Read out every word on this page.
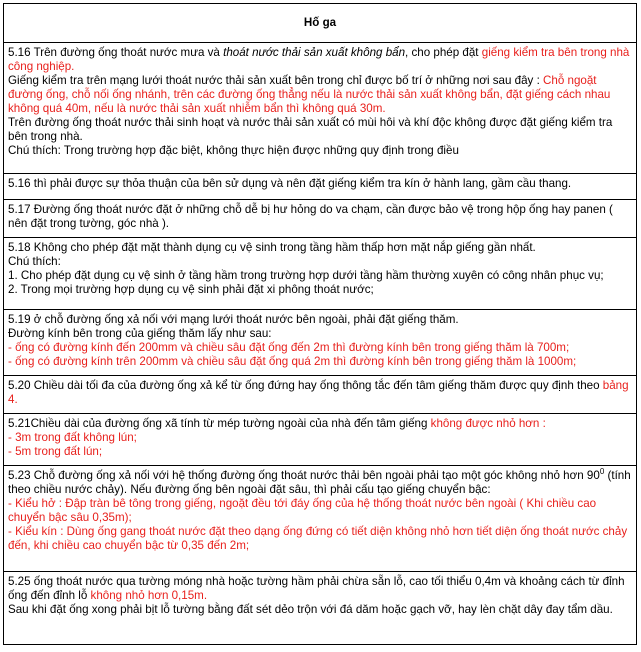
Hố ga

5.16 Trên đường ống thoát nước mưa và thoát nước thải sản xuất không bẩn, cho phép đặt giếng kiểm tra bên trong nhà công nghiệp.

Giếng kiểm tra trên mạng lưới thoát nước thải sản xuất bên trong chỉ được bố trí ở những nơi sau đây : Chỗ ngoặt đường ống, chỗ nối ống nhánh, trên các đường ống thẳng nếu là nước thải sản xuất không bẩn, đặt giếng cách nhau không quá 40m, nếu là nước thải sản xuất nhiễm bẩn thì không quá 30m.

Trên đường ống thoát nước thải sinh hoạt và nước thải sản xuất có mùi hôi và khí độc không được đặt giếng kiểm tra bên trong nhà.

Chú thích: Trong trường hợp đặc biệt, không thực hiện được những quy định trong điều

5.16 thì phải được sự thỏa thuận của bên sử dụng và nên đặt giếng kiểm tra kín ở hành lang, gầm cầu thang.

5.17 Đường ống thoát nước đặt ở những chỗ dễ bị hư hỏng do va chạm, cần được bảo vệ trong hộp ống hay panen ( nên đặt trong tường, góc nhà ).

5.18 Không cho phép đặt mặt thành dụng cụ vệ sinh trong tầng hầm thấp hơn mặt nắp giếng gần nhất.

Chú thích:

1. Cho phép đặt dụng cụ vệ sinh ở tầng hầm trong trường hợp dưới tầng hầm thường xuyên có công nhân phục vụ;

2. Trong mọi trường hợp dụng cụ vệ sinh phải đặt xi phông thoát nước;

5.19 ở chỗ đường ống xả nối với mạng lưới thoát nước bên ngoài, phải đặt giếng thăm.

Đường kính bên trong của giếng thăm lấy như sau:

- ống có đường kính đến 200mm và chiều sâu đặt ống đến 2m thì đường kính bên trong giếng thăm là 700m;

- ống có đường kính trên 200mm và chiều sâu đặt ống quá 2m thì đường kính bên trong giếng thăm là 1000m;

5.20 Chiều dài tối đa của đường ống xả kể từ ống đứng hay ống thông tắc đến tâm giếng thăm được quy định theo bảng 4.

5.21Chiều dài của đường ống xã tính từ mép tường ngoài của nhà đến tâm giếng không được nhỏ hơn :

- 3m trong đất không lún;

- 5m trong đất lún;

5.23 Chỗ đường ống xả nối với hệ thống đường ống thoát nước thải bên ngoài phải tạo một góc không nhỏ hơn $90^0$ (tính theo chiều nước chảy). Nếu đường ống bên ngoài đặt sâu, thì phải cấu tạo giếng chuyển bậc:

- Kiểu hở : Đập tràn bê tông trong giếng, ngoặt đều tới đáy ống của hệ thống thoát nước bên ngoài ( Khi chiều cao chuyển bậc sâu 0,35m);

- Kiểu kín : Dùng ống gang thoát nước đặt theo dạng ống đứng có tiết diện không nhỏ hơn tiết diện ống thoát nước chảy đến, khi chiều cao chuyển bậc từ 0,35 đến 2m;

5.25 ống thoát nước qua tường móng nhà hoặc tường hầm phải chừa sẵn lỗ, cao tối thiểu 0,4m và khoảng cách từ đỉnh ống đến đỉnh lỗ không nhỏ hơn 0,15m.

Sau khi đặt ống xong phải bịt lỗ tường bằng đất sét dẻo trộn với đá dăm hoặc gạch vỡ, hay lèn chặt dây đay tẩm dầu.
